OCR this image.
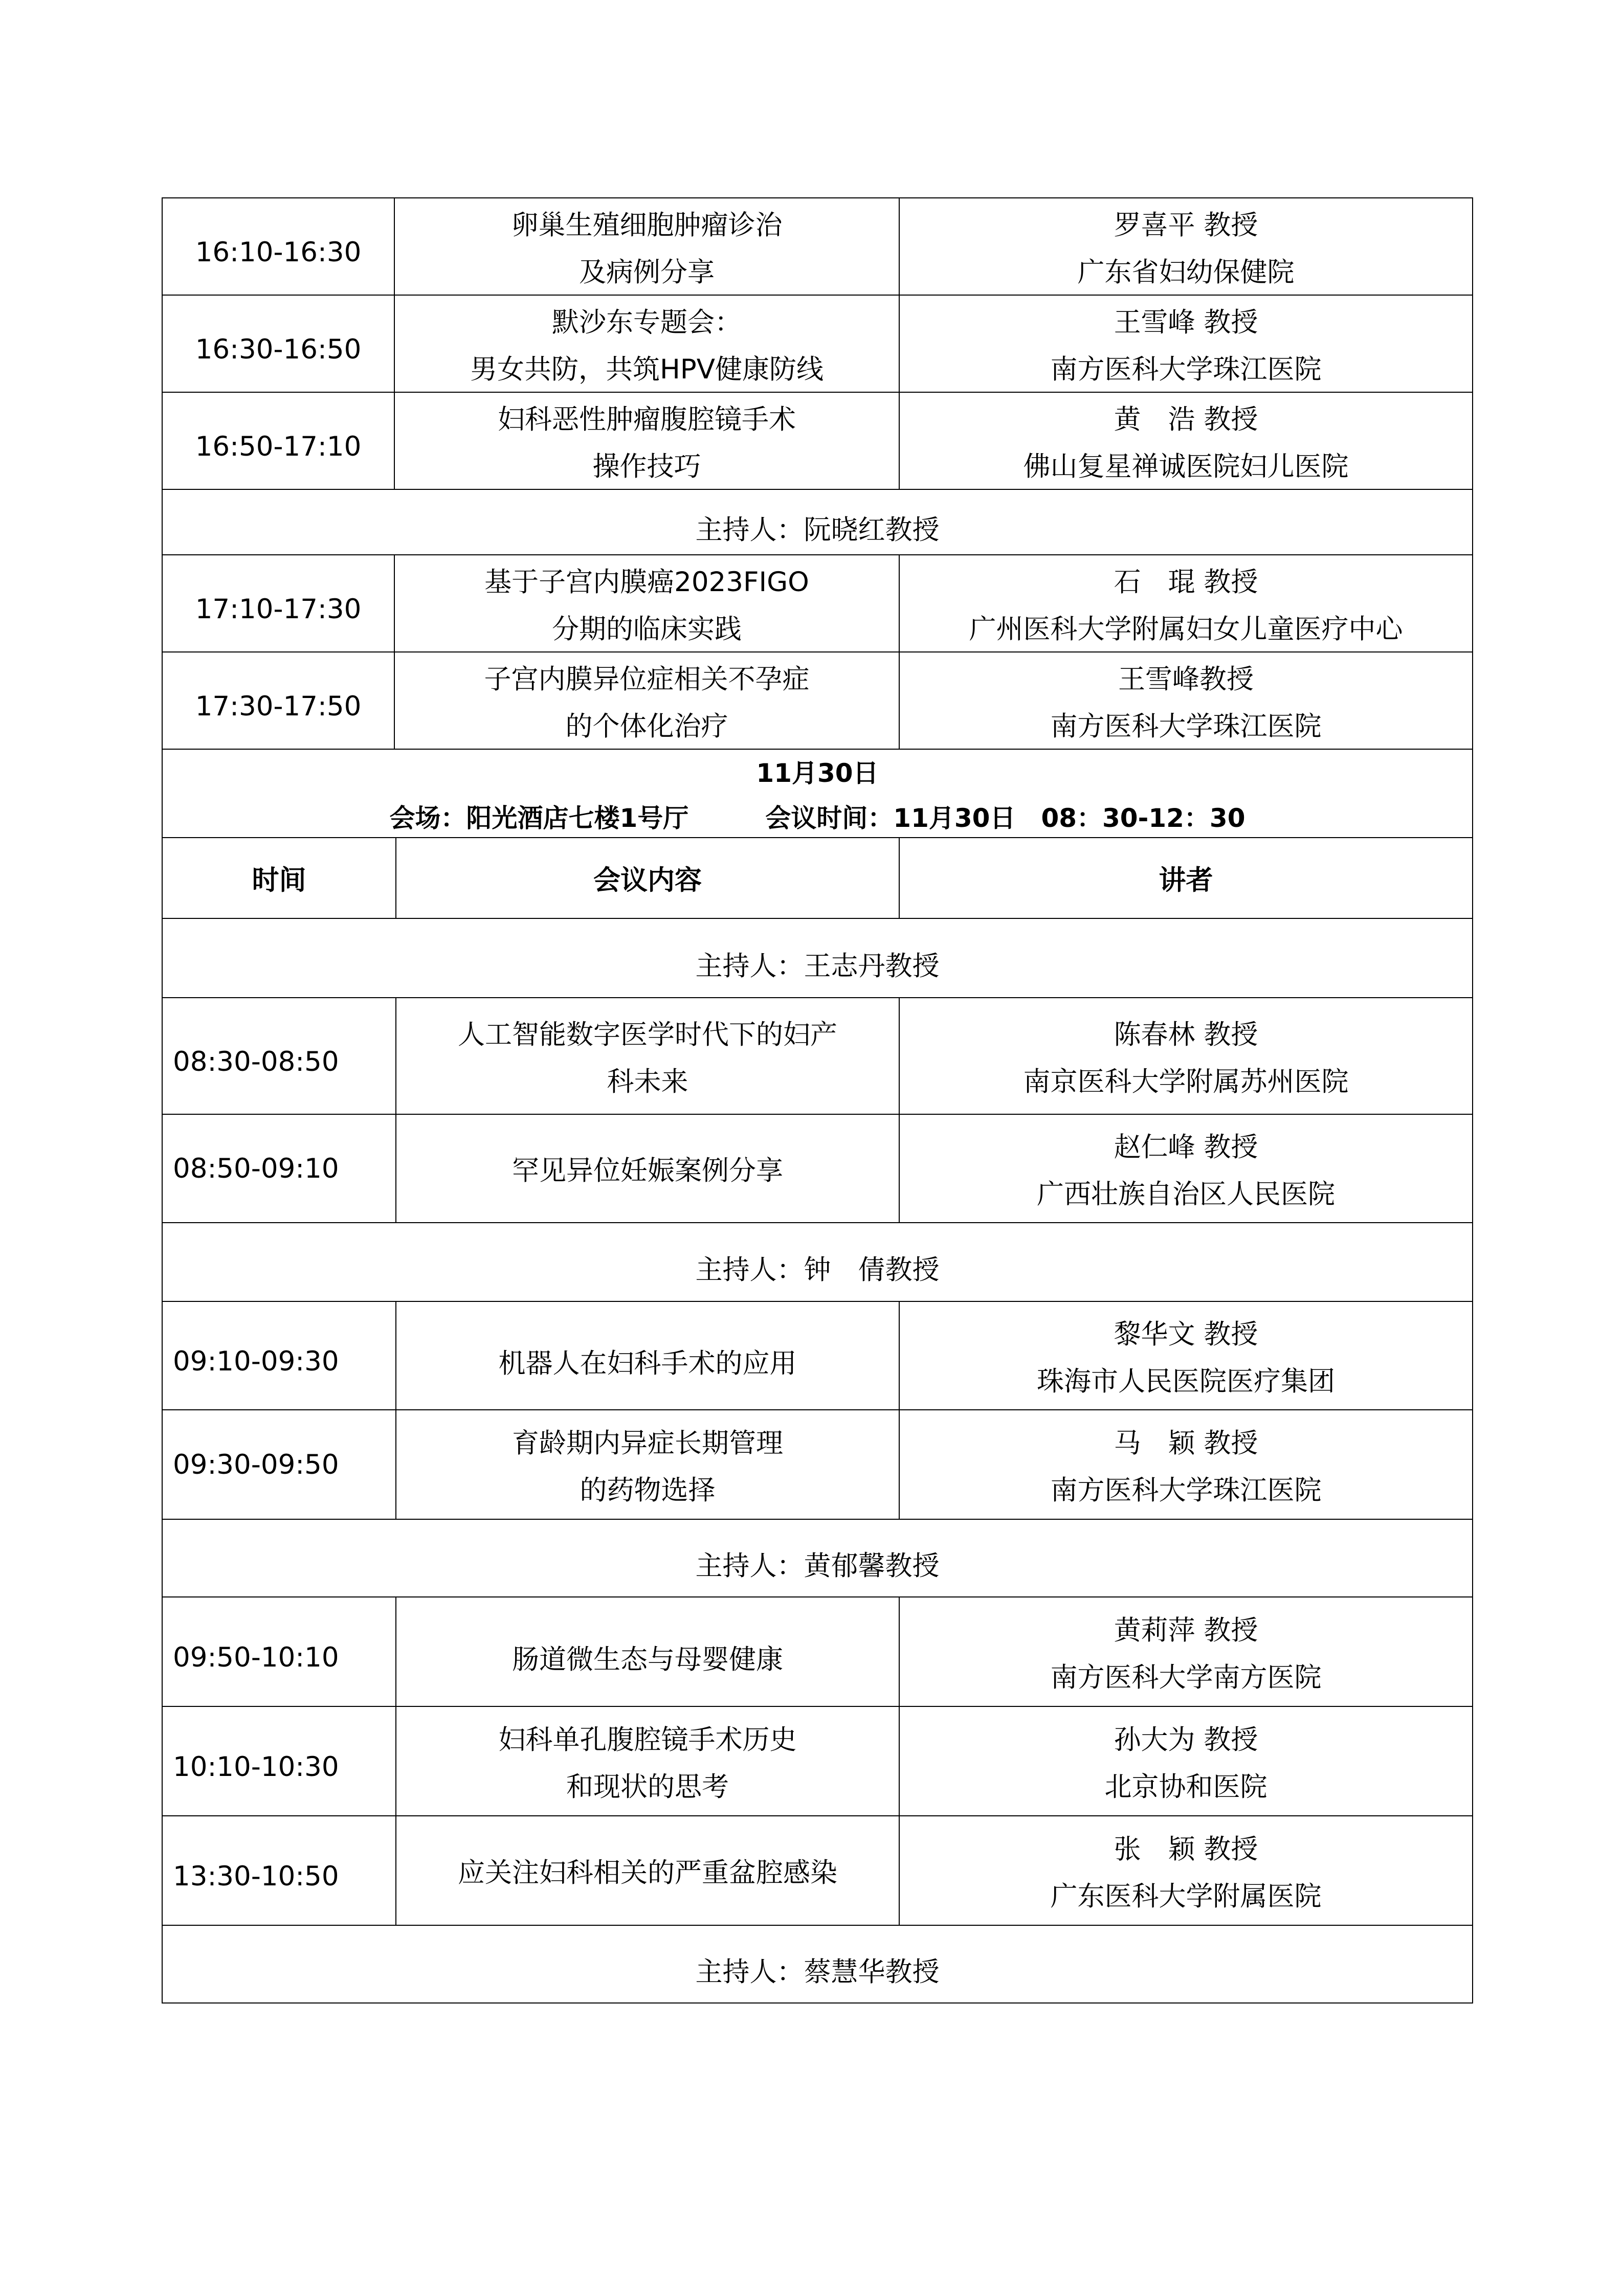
16:10-16:30	卵巢生殖细胞肿瘤诊治
及病例分享	罗喜平 教授
广东省妇幼保健院

16:30-16:50	默沙东专题会：
男女共防，共筑HPV健康防线	王雪峰 教授
南方医科大学珠江医院

16:50-17:10	妇科恶性肿瘤腹腔镜手术
操作技巧	黄　浩 教授
佛山复星禅诚医院妇儿医院

主持人：阮晓红教授		
17:10-17:30	基于子宫内膜癌2023FIGO
分期的临床实践	石　琨 教授
广州医科大学附属妇女儿童医疗中心

17:30-17:50	子宫内膜异位症相关不孕症
的个体化治疗	王雪峰教授
南方医科大学珠江医院

11月30日
会场：阳光酒店七楼1号厅 会议时间：11月30日　08：30-12：30		
时间	会议内容	讲者
主持人：王志丹教授		
08:30-08:50	人工智能数字医学时代下的妇产
科未来	陈春林 教授
南京医科大学附属苏州医院

08:50-09:10	罕见异位妊娠案例分享	赵仁峰 教授
广西壮族自治区人民医院

主持人：钟　倩教授		
09:10-09:30	机器人在妇科手术的应用	黎华文 教授
珠海市人民医院医疗集团

09:30-09:50	育龄期内异症长期管理
的药物选择	马　颖 教授
南方医科大学珠江医院

主持人：黄郁馨教授		
09:50-10:10	肠道微生态与母婴健康	黄莉萍 教授
南方医科大学南方医院

10:10-10:30	妇科单孔腹腔镜手术历史
和现状的思考	孙大为 教授
北京协和医院

13:30-10:50	应关注妇科相关的严重盆腔感染	张　颖 教授
广东医科大学附属医院

主持人：蔡慧华教授		
